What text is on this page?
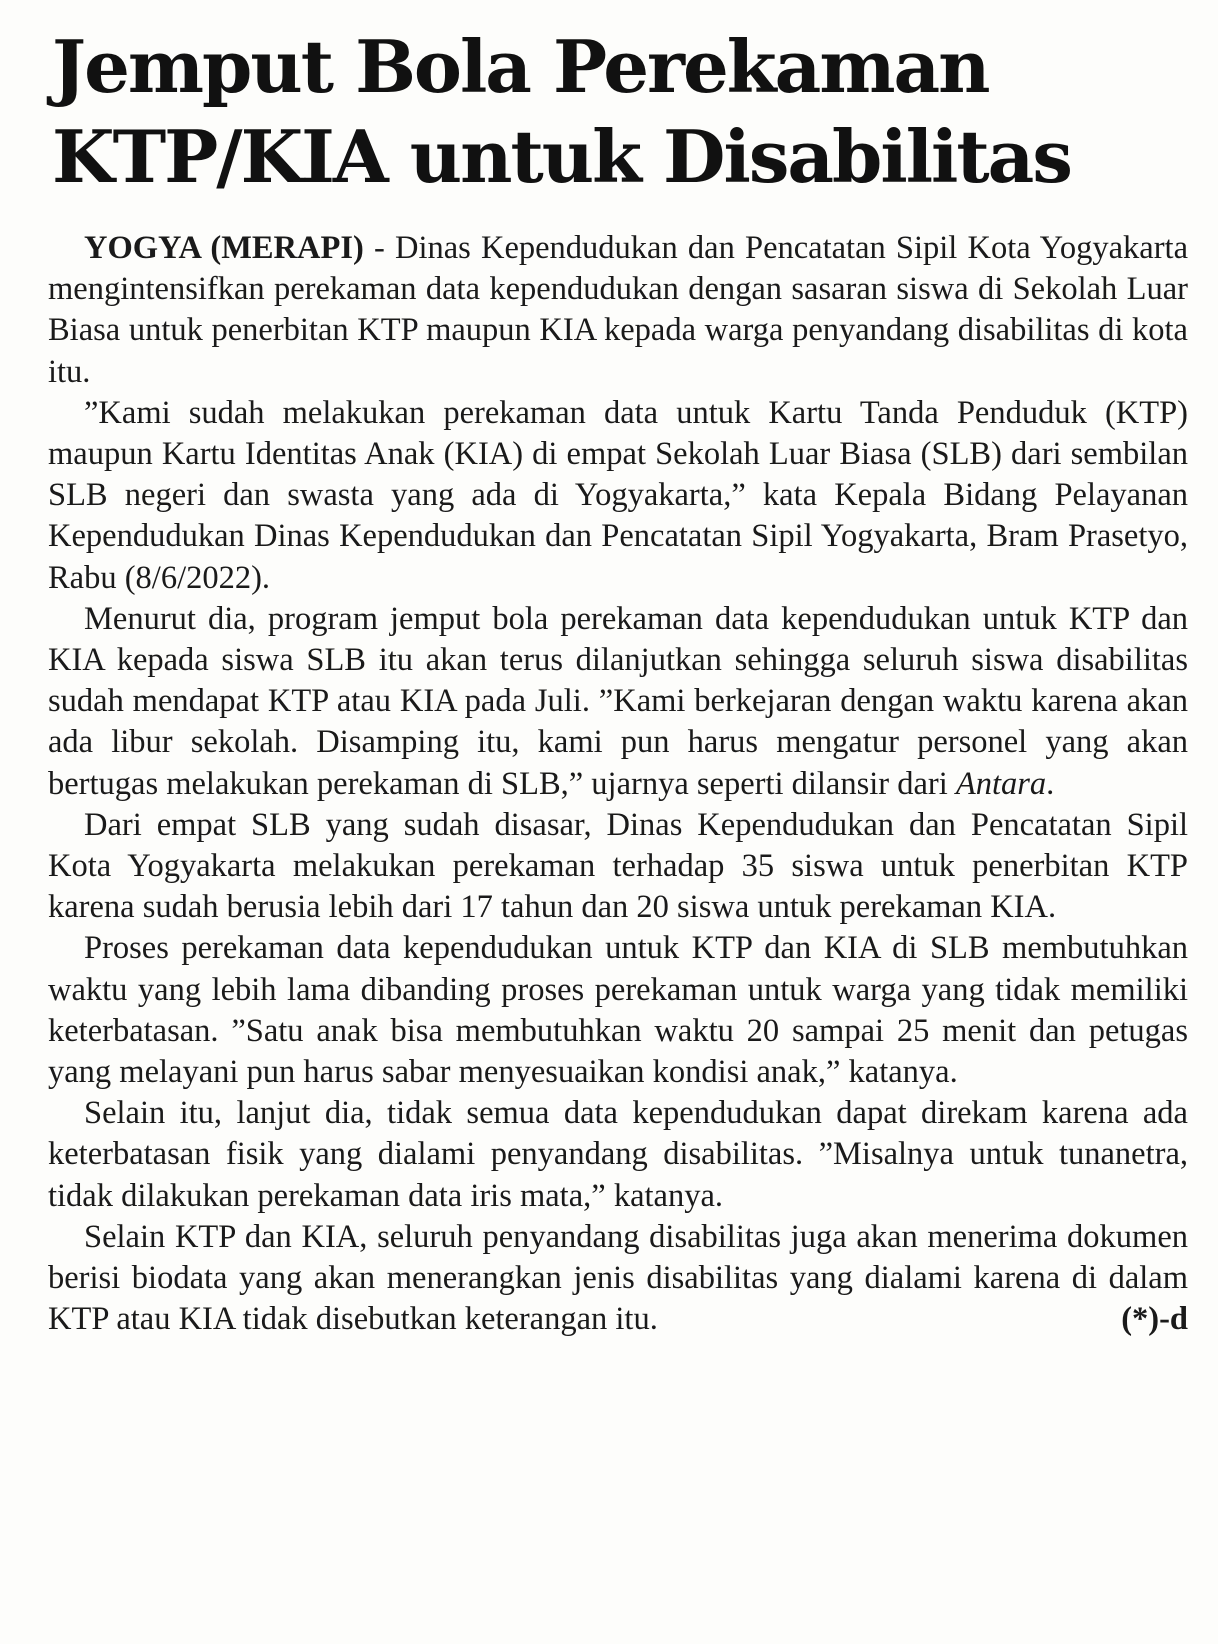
Jemput Bola Perekaman
KTP/KIA untuk Disabilitas

YOGYA (MERAPI) - Dinas Kependudukan dan Pencatatan Sipil Kota Yogyakarta mengintensifkan perekaman data kependudukan dengan sasaran siswa di Sekolah Luar Biasa untuk penerbitan KTP maupun KIA kepada warga penyandang disabilitas di kota itu.

”Kami sudah melakukan perekaman data untuk Kartu Tanda Penduduk (KTP) maupun Kartu Identitas Anak (KIA) di empat Sekolah Luar Biasa (SLB) dari sembilan SLB negeri dan swasta yang ada di Yogyakarta,” kata Kepala Bidang Pelayanan Kependudukan Dinas Kependudukan dan Pencatatan Sipil Yogyakarta, Bram Prasetyo, Rabu (8/6/2022).

Menurut dia, program jemput bola perekaman data kependudukan untuk KTP dan KIA kepada siswa SLB itu akan terus dilanjutkan sehingga seluruh siswa disabilitas sudah mendapat KTP atau KIA pada Juli. ”Kami berkejaran dengan waktu karena akan ada libur sekolah. Disamping itu, kami pun harus mengatur personel yang akan bertugas melakukan perekaman di SLB,” ujarnya seperti dilansir dari Antara.

Dari empat SLB yang sudah disasar, Dinas Kependudukan dan Pencatatan Sipil Kota Yogyakarta melakukan perekaman terhadap 35 siswa untuk penerbitan KTP karena sudah berusia lebih dari 17 tahun dan 20 siswa untuk perekaman KIA.

Proses perekaman data kependudukan untuk KTP dan KIA di SLB membutuhkan waktu yang lebih lama dibanding proses perekaman untuk warga yang tidak memiliki keterbatasan. ”Satu anak bisa membutuhkan waktu 20 sampai 25 menit dan petugas yang melayani pun harus sabar menyesuaikan kondisi anak,” katanya.

Selain itu, lanjut dia, tidak semua data kependudukan dapat direkam karena ada keterbatasan fisik yang dialami penyandang disabilitas. ”Misalnya untuk tunanetra, tidak dilakukan perekaman data iris mata,” katanya.

Selain KTP dan KIA, seluruh penyandang disabilitas juga akan menerima dokumen berisi biodata yang akan menerangkan jenis disabilitas yang dialami karena di dalam KTP atau KIA tidak disebutkan keterangan itu.	(*)-d
